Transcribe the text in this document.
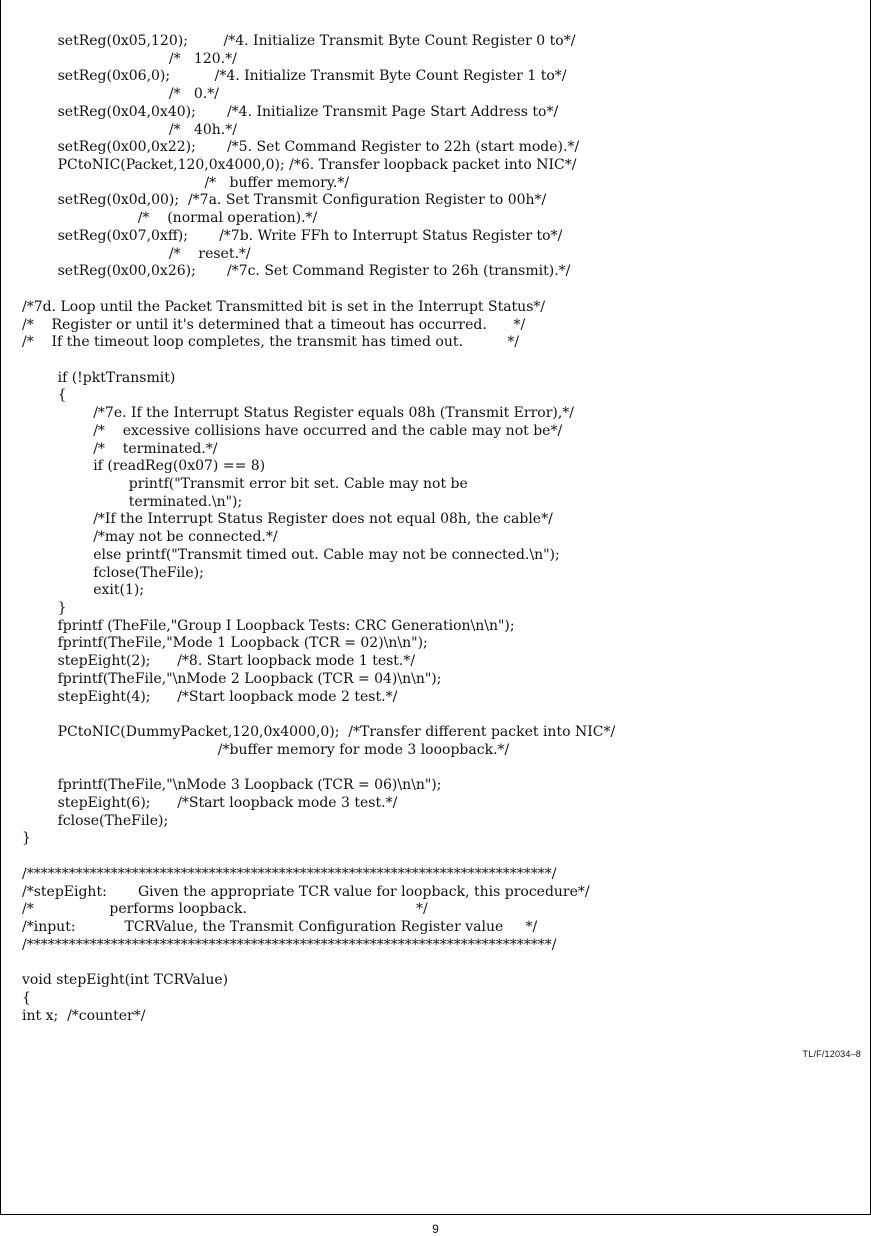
setReg(0x05,120);        /*4. Initialize Transmit Byte Count Register 0 to*/
/*   120.*/
setReg(0x06,0);          /*4. Initialize Transmit Byte Count Register 1 to*/
/*   0.*/
setReg(0x04,0x40);       /*4. Initialize Transmit Page Start Address to*/
/*   40h.*/
setReg(0x00,0x22);       /*5. Set Command Register to 22h (start mode).*/
PCtoNIC(Packet,120,0x4000,0); /*6. Transfer loopback packet into NIC*/
/*   buffer memory.*/
setReg(0x0d,00);  /*7a. Set Transmit Configuration Register to 00h*/
/*    (normal operation).*/
setReg(0x07,0xff);       /*7b. Write FFh to Interrupt Status Register to*/
/*    reset.*/
setReg(0x00,0x26);       /*7c. Set Command Register to 26h (transmit).*/
/*7d. Loop until the Packet Transmitted bit is set in the Interrupt Status*/
/*    Register or until it's determined that a timeout has occurred.      */
/*    If the timeout loop completes, the transmit has timed out.          */
if (!pktTransmit)
{
/*7e. If the Interrupt Status Register equals 08h (Transmit Error),*/
/*    excessive collisions have occurred and the cable may not be*/
/*    terminated.*/
if (readReg(0x07) == 8)
printf("Transmit error bit set. Cable may not be
terminated.\n");
/*If the Interrupt Status Register does not equal 08h, the cable*/
/*may not be connected.*/
else printf("Transmit timed out. Cable may not be connected.\n");
fclose(TheFile);
exit(1);
}
fprintf (TheFile,"Group I Loopback Tests: CRC Generation\n\n");
fprintf(TheFile,"Mode 1 Loopback (TCR = 02)\n\n");
stepEight(2);      /*8. Start loopback mode 1 test.*/
fprintf(TheFile,"\nMode 2 Loopback (TCR = 04)\n\n");
stepEight(4);      /*Start loopback mode 2 test.*/
PCtoNIC(DummyPacket,120,0x4000,0);  /*Transfer different packet into NIC*/
/*buffer memory for mode 3 looopback.*/
fprintf(TheFile,"\nMode 3 Loopback (TCR = 06)\n\n");
stepEight(6);      /*Start loopback mode 3 test.*/
fclose(TheFile);
}
/***************************************************************************/
/*stepEight:       Given the appropriate TCR value for loopback, this procedure*/
/*                 performs loopback.                                      */
/*input:           TCRValue, the Transmit Configuration Register value     */
/***************************************************************************/
void stepEight(int TCRValue)
{
int x;  /*counter*/
TL/F/12034–8
9
